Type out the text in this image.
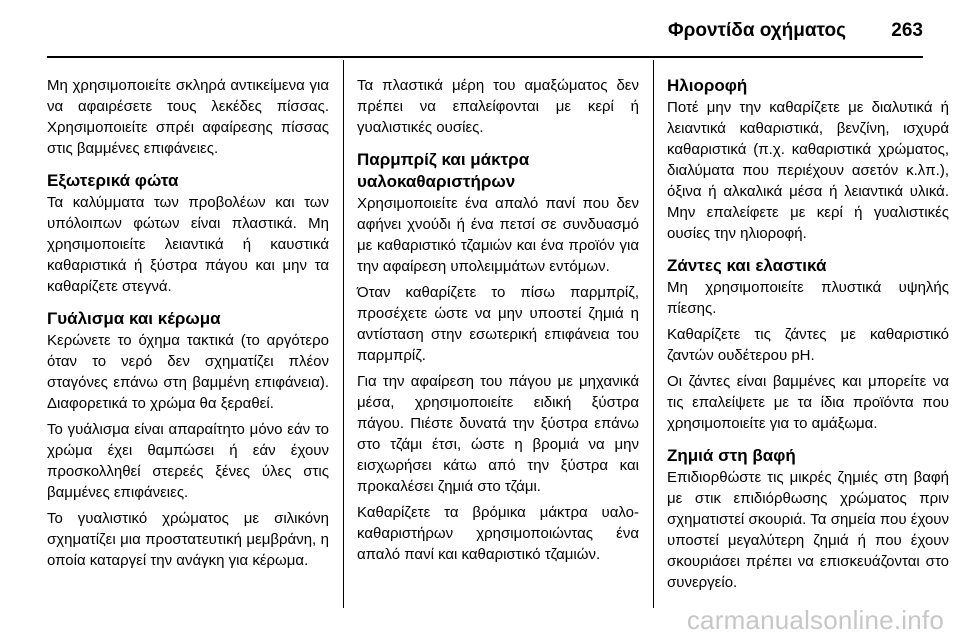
Φροντίδα οχήματος 263

Μη χρησιμοποιείτε σκληρά αντικείμενα για να αφαιρέσετε τους λεκέδες πίσσας. Χρησιμοποιείτε σπρέι αφαίρεσης πίσσας στις βαμμένες επιφάνειες.

Εξωτερικά φώτα

Τα καλύμματα των προβολέων και των υπόλοιπων φώτων είναι πλαστικά. Μη χρησιμοποιείτε λειαντικά ή καυστικά καθαριστικά ή ξύστρα πάγου και μην τα καθαρίζετε στεγνά.

Γυάλισμα και κέρωμα

Κερώνετε το όχημα τακτικά (το αργότερο όταν το νερό δεν σχηματίζει πλέον σταγόνες επάνω στη βαμμένη επιφάνεια). Διαφορετικά το χρώμα θα ξεραθεί.

Το γυάλισμα είναι απαραίτητο μόνο εάν το χρώμα έχει θαμπώσει ή εάν έχουν προσκολληθεί στερεές ξένες ύλες στις βαμμένες επιφάνειες.

Το γυαλιστικό χρώματος με σιλικόνη σχηματίζει μια προστατευτική μεμβράνη, η οποία καταργεί την ανάγκη για κέρωμα.

Τα πλαστικά μέρη του αμαξώματος δεν πρέπει να επαλείφονται με κερί ή γυαλιστικές ουσίες.

Παρμπρίζ και μάκτρα υαλοκαθαριστήρων

Χρησιμοποιείτε ένα απαλό πανί που δεν αφήνει χνούδι ή ένα πετσί σε συνδυασμό με καθαριστικό τζαμιών και ένα προϊόν για την αφαίρεση υπολειμμάτων εντόμων.

Όταν καθαρίζετε το πίσω παρμπρίζ, προσέχετε ώστε να μην υποστεί ζημιά η αντίσταση στην εσωτερική επιφάνεια του παρμπρίζ.

Για την αφαίρεση του πάγου με μηχανικά μέσα, χρησιμοποιείτε ειδική ξύστρα πάγου. Πιέστε δυνατά την ξύστρα επάνω στο τζάμι έτσι, ώστε η βρομιά να μην εισχωρήσει κάτω από την ξύστρα και προκαλέσει ζημιά στο τζάμι.

Καθαρίζετε τα βρόμικα μάκτρα υαλοκαθαριστήρων χρησιμοποιώντας ένα απαλό πανί και καθαριστικό τζαμιών.

Ηλιοροφή

Ποτέ μην την καθαρίζετε με διαλυτικά ή λειαντικά καθαριστικά, βενζίνη, ισχυρά καθαριστικά (π.χ. καθαριστικά χρώματος, διαλύματα που περιέχουν ασετόν κ.λπ.), όξινα ή αλκαλικά μέσα ή λειαντικά υλικά. Μην επαλείφετε με κερί ή γυαλιστικές ουσίες την ηλιοροφή.

Ζάντες και ελαστικά

Μη χρησιμοποιείτε πλυστικά υψηλής πίεσης.

Καθαρίζετε τις ζάντες με καθαριστικό ζαντών ουδέτερου pH.

Οι ζάντες είναι βαμμένες και μπορείτε να τις επαλείψετε με τα ίδια προϊόντα που χρησιμοποιείτε για το αμάξωμα.

Ζημιά στη βαφή

Επιδιορθώστε τις μικρές ζημιές στη βαφή με στικ επιδιόρθωσης χρώματος πριν σχηματιστεί σκουριά. Τα σημεία που έχουν υποστεί μεγαλύτερη ζημιά ή που έχουν σκουριάσει πρέπει να επισκευάζονται στο συνεργείο.

carmanualsonline.info
